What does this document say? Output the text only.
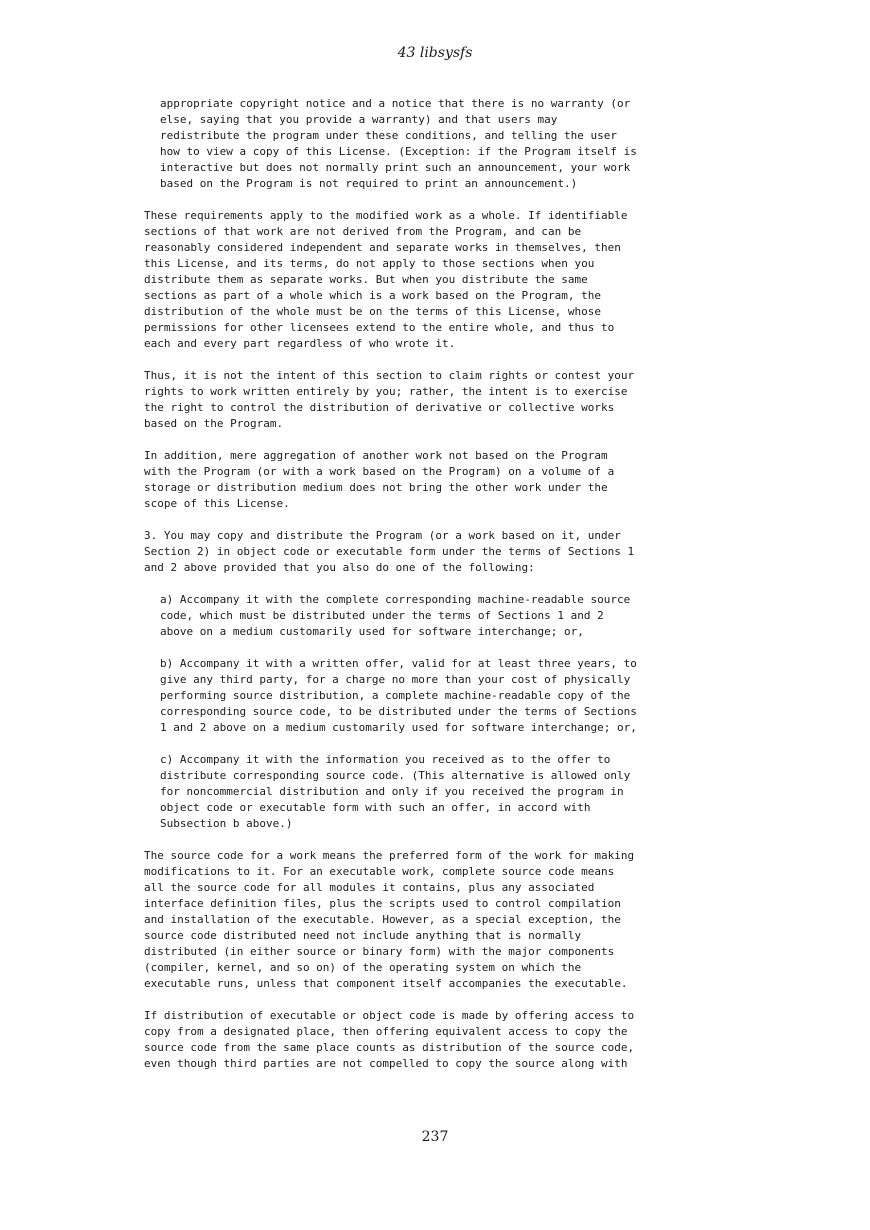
43 libsysfs
appropriate copyright notice and a notice that there is no warranty (or
else, saying that you provide a warranty) and that users may
redistribute the program under these conditions, and telling the user
how to view a copy of this License. (Exception: if the Program itself is
interactive but does not normally print such an announcement, your work
based on the Program is not required to print an announcement.)
These requirements apply to the modified work as a whole. If identifiable
sections of that work are not derived from the Program, and can be
reasonably considered independent and separate works in themselves, then
this License, and its terms, do not apply to those sections when you
distribute them as separate works. But when you distribute the same
sections as part of a whole which is a work based on the Program, the
distribution of the whole must be on the terms of this License, whose
permissions for other licensees extend to the entire whole, and thus to
each and every part regardless of who wrote it.
Thus, it is not the intent of this section to claim rights or contest your
rights to work written entirely by you; rather, the intent is to exercise
the right to control the distribution of derivative or collective works
based on the Program.
In addition, mere aggregation of another work not based on the Program
with the Program (or with a work based on the Program) on a volume of a
storage or distribution medium does not bring the other work under the
scope of this License.
3. You may copy and distribute the Program (or a work based on it, under
Section 2) in object code or executable form under the terms of Sections 1
and 2 above provided that you also do one of the following:
a) Accompany it with the complete corresponding machine-readable source
code, which must be distributed under the terms of Sections 1 and 2
above on a medium customarily used for software interchange; or,
b) Accompany it with a written offer, valid for at least three years, to
give any third party, for a charge no more than your cost of physically
performing source distribution, a complete machine-readable copy of the
corresponding source code, to be distributed under the terms of Sections
1 and 2 above on a medium customarily used for software interchange; or,
c) Accompany it with the information you received as to the offer to
distribute corresponding source code. (This alternative is allowed only
for noncommercial distribution and only if you received the program in
object code or executable form with such an offer, in accord with
Subsection b above.)
The source code for a work means the preferred form of the work for making
modifications to it. For an executable work, complete source code means
all the source code for all modules it contains, plus any associated
interface definition files, plus the scripts used to control compilation
and installation of the executable. However, as a special exception, the
source code distributed need not include anything that is normally
distributed (in either source or binary form) with the major components
(compiler, kernel, and so on) of the operating system on which the
executable runs, unless that component itself accompanies the executable.
If distribution of executable or object code is made by offering access to
copy from a designated place, then offering equivalent access to copy the
source code from the same place counts as distribution of the source code,
even though third parties are not compelled to copy the source along with
237
